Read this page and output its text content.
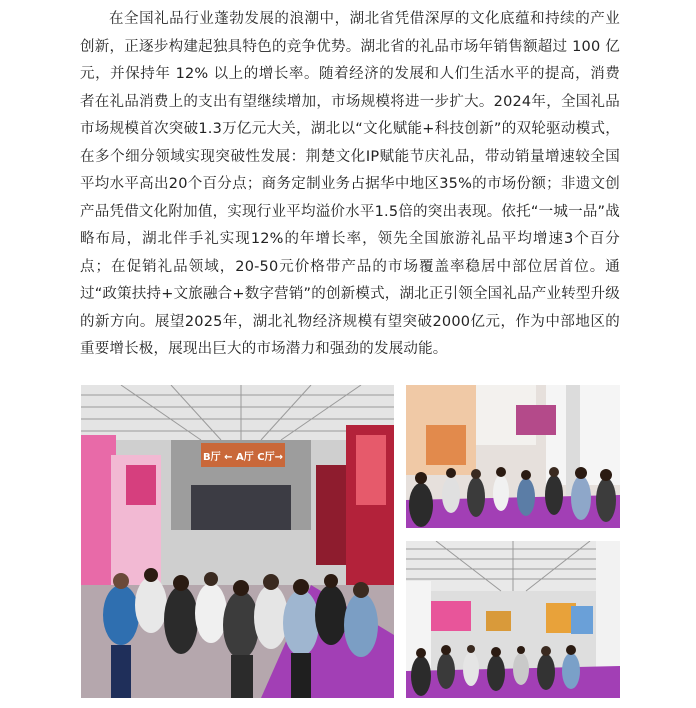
在全国礼品行业蓬勃发展的浪潮中，湖北省凭借深厚的文化底蕴和持续的产业创新，正逐步构建起独具特色的竞争优势。湖北省的礼品市场年销售额超过 100 亿元，并保持年 12% 以上的增长率。随着经济的发展和人们生活水平的提高，消费者在礼品消费上的支出有望继续增加，市场规模将进一步扩大。2024年，全国礼品市场规模首次突破1.3万亿元大关，湖北以“文化赋能+科技创新”的双轮驱动模式，在多个细分领域实现突破性发展：荆楚文化IP赋能节庆礼品，带动销量增速较全国平均水平高出20个百分点；商务定制业务占据华中地区35%的市场份额；非遗文创产品凭借文化附加值，实现行业平均溢价水平1.5倍的突出表现。依托“一城一品”战略布局，湖北伴手礼实现12%的年增长率，领先全国旅游礼品平均增速3个百分点；在促销礼品领域，20-50元价格带产品的市场覆盖率稳居中部位居首位。通过“政策扶持+文旅融合+数字营销”的创新模式，湖北正引领全国礼品产业转型升级的新方向。展望2025年，湖北礼物经济规模有望突破2000亿元，作为中部地区的重要增长极，展现出巨大的市场潜力和强劲的发展动能。

B厅 ← A厅 C厅→
